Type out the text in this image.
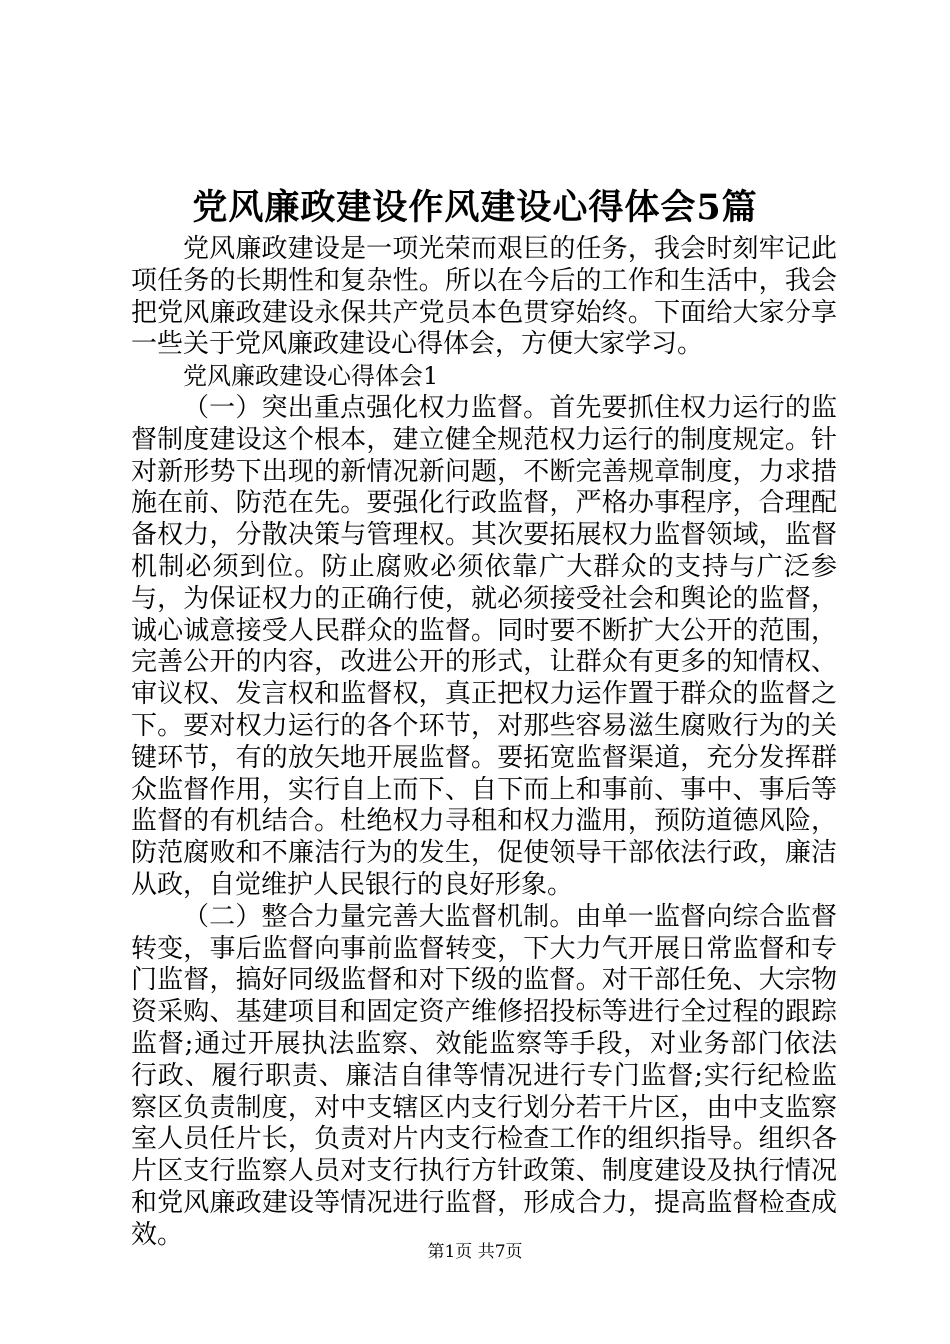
党风廉政建设作风建设心得体会5篇

党风廉政建设是一项光荣而艰巨的任务，我会时刻牢记此项任务的长期性和复杂性。所以在今后的工作和生活中，我会把党风廉政建设永保共产党员本色贯穿始终。下面给大家分享一些关于党风廉政建设心得体会，方便大家学习。

党风廉政建设心得体会1

（一）突出重点强化权力监督。首先要抓住权力运行的监督制度建设这个根本，建立健全规范权力运行的制度规定。针对新形势下出现的新情况新问题，不断完善规章制度，力求措施在前、防范在先。要强化行政监督，严格办事程序，合理配备权力，分散决策与管理权。其次要拓展权力监督领域，监督机制必须到位。防止腐败必须依靠广大群众的支持与广泛参与，为保证权力的正确行使，就必须接受社会和舆论的监督，诚心诚意接受人民群众的监督。同时要不断扩大公开的范围，完善公开的内容，改进公开的形式，让群众有更多的知情权、审议权、发言权和监督权，真正把权力运作置于群众的监督之下。要对权力运行的各个环节，对那些容易滋生腐败行为的关键环节，有的放矢地开展监督。要拓宽监督渠道，充分发挥群众监督作用，实行自上而下、自下而上和事前、事中、事后等监督的有机结合。杜绝权力寻租和权力滥用，预防道德风险，防范腐败和不廉洁行为的发生，促使领导干部依法行政，廉洁从政，自觉维护人民银行的良好形象。

（二）整合力量完善大监督机制。由单一监督向综合监督转变，事后监督向事前监督转变，下大力气开展日常监督和专门监督，搞好同级监督和对下级的监督。对干部任免、大宗物资采购、基建项目和固定资产维修招投标等进行全过程的跟踪监督;通过开展执法监察、效能监察等手段，对业务部门依法行政、履行职责、廉洁自律等情况进行专门监督;实行纪检监察区负责制度，对中支辖区内支行划分若干片区，由中支监察室人员任片长，负责对片内支行检查工作的组织指导。组织各片区支行监察人员对支行执行方针政策、制度建设及执行情况和党风廉政建设等情况进行监督，形成合力，提高监督检查成效。

第1页 共7页
